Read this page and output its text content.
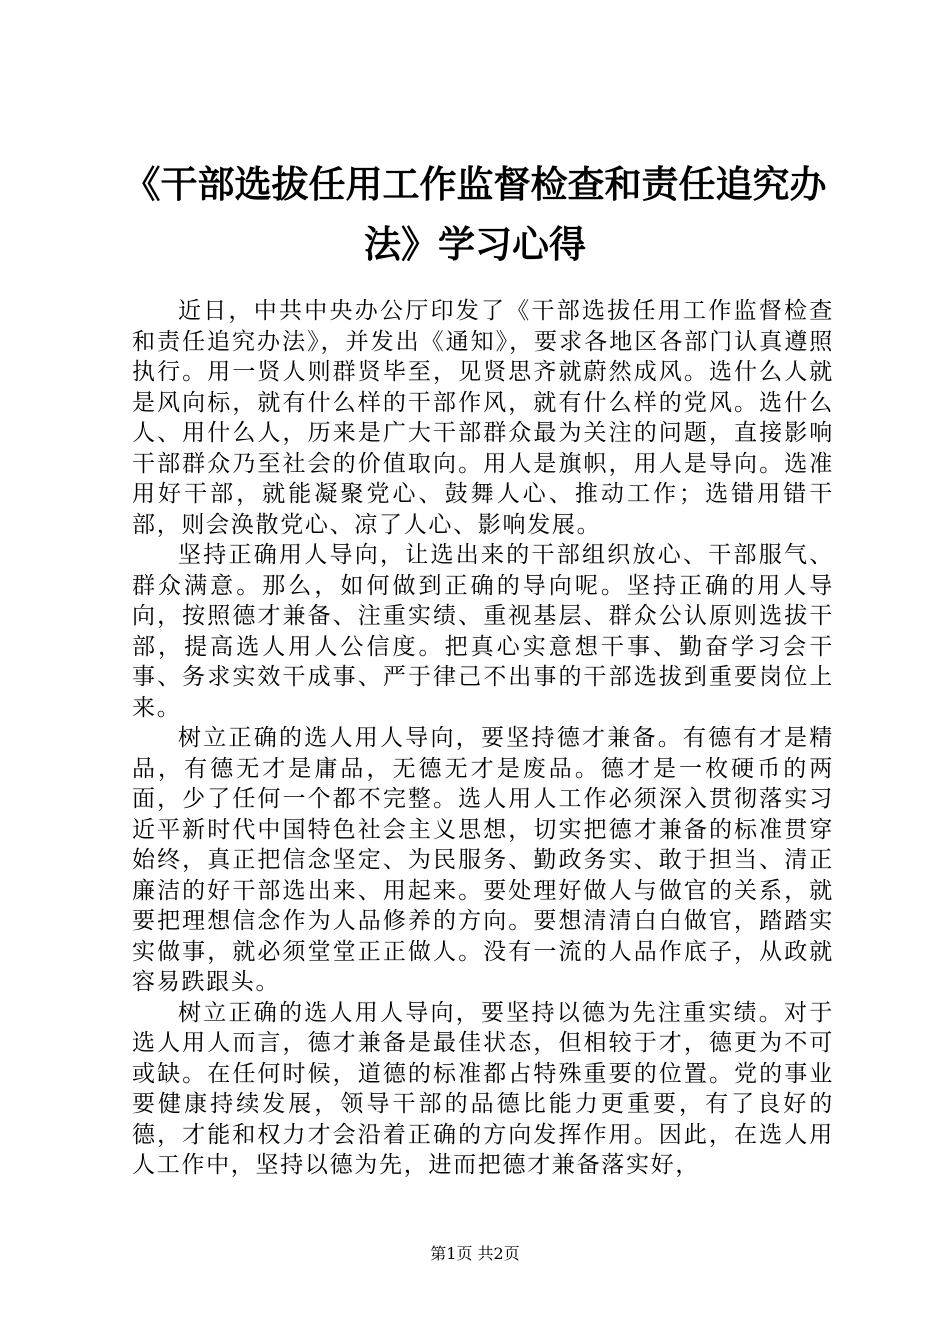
《干部选拔任用工作监督检查和责任追究办
法》学习心得

近日，中共中央办公厅印发了《干部选拔任用工作监督检查和责任追究办法》，并发出《通知》，要求各地区各部门认真遵照执行。用一贤人则群贤毕至，见贤思齐就蔚然成风。选什么人就是风向标，就有什么样的干部作风，就有什么样的党风。选什么人、用什么人，历来是广大干部群众最为关注的问题，直接影响干部群众乃至社会的价值取向。用人是旗帜，用人是导向。选准用好干部，就能凝聚党心、鼓舞人心、推动工作；选错用错干部，则会涣散党心、凉了人心、影响发展。

坚持正确用人导向，让选出来的干部组织放心、干部服气、群众满意。那么，如何做到正确的导向呢。坚持正确的用人导向，按照德才兼备、注重实绩、重视基层、群众公认原则选拔干部，提高选人用人公信度。把真心实意想干事、勤奋学习会干事、务求实效干成事、严于律己不出事的干部选拔到重要岗位上来。

树立正确的选人用人导向，要坚持德才兼备。有德有才是精品，有德无才是庸品，无德无才是废品。德才是一枚硬币的两面，少了任何一个都不完整。选人用人工作必须深入贯彻落实习近平新时代中国特色社会主义思想，切实把德才兼备的标准贯穿始终，真正把信念坚定、为民服务、勤政务实、敢于担当、清正廉洁的好干部选出来、用起来。要处理好做人与做官的关系，就要把理想信念作为人品修养的方向。要想清清白白做官，踏踏实实做事，就必须堂堂正正做人。没有一流的人品作底子，从政就容易跌跟头。

树立正确的选人用人导向，要坚持以德为先注重实绩。对于选人用人而言，德才兼备是最佳状态，但相较于才，德更为不可或缺。在任何时候，道德的标准都占特殊重要的位置。党的事业要健康持续发展，领导干部的品德比能力更重要，有了良好的德，才能和权力才会沿着正确的方向发挥作用。因此，在选人用人工作中，坚持以德为先，进而把德才兼备落实好，

第1页 共2页
